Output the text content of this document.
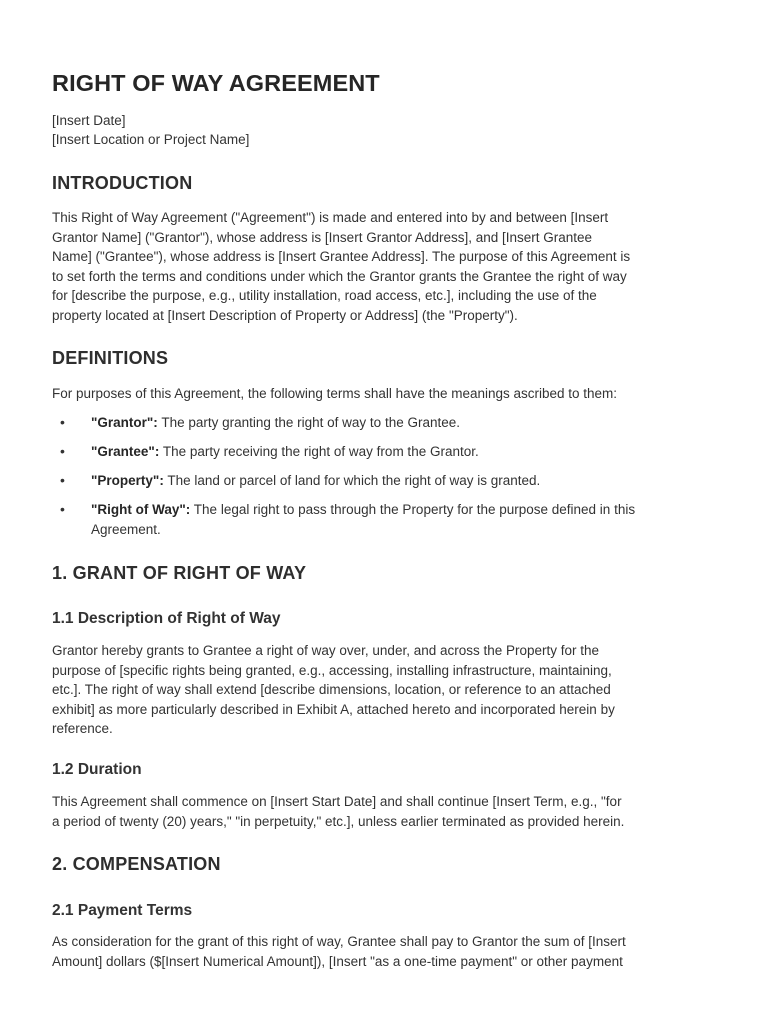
RIGHT OF WAY AGREEMENT
[Insert Date]
[Insert Location or Project Name]
INTRODUCTION
This Right of Way Agreement ("Agreement") is made and entered into by and between [Insert
Grantor Name] ("Grantor"), whose address is [Insert Grantor Address], and [Insert Grantee
Name] ("Grantee"), whose address is [Insert Grantee Address]. The purpose of this Agreement is
to set forth the terms and conditions under which the Grantor grants the Grantee the right of way
for [describe the purpose, e.g., utility installation, road access, etc.], including the use of the
property located at [Insert Description of Property or Address] (the "Property").
DEFINITIONS
For purposes of this Agreement, the following terms shall have the meanings ascribed to them:
• "Grantor": The party granting the right of way to the Grantee.
• "Grantee": The party receiving the right of way from the Grantor.
• "Property": The land or parcel of land for which the right of way is granted.
• "Right of Way": The legal right to pass through the Property for the purpose defined in this
Agreement.
1. GRANT OF RIGHT OF WAY
1.1 Description of Right of Way
Grantor hereby grants to Grantee a right of way over, under, and across the Property for the
purpose of [specific rights being granted, e.g., accessing, installing infrastructure, maintaining,
etc.]. The right of way shall extend [describe dimensions, location, or reference to an attached
exhibit] as more particularly described in Exhibit A, attached hereto and incorporated herein by
reference.
1.2 Duration
This Agreement shall commence on [Insert Start Date] and shall continue [Insert Term, e.g., "for
a period of twenty (20) years," "in perpetuity," etc.], unless earlier terminated as provided herein.
2. COMPENSATION
2.1 Payment Terms
As consideration for the grant of this right of way, Grantee shall pay to Grantor the sum of [Insert
Amount] dollars ($[Insert Numerical Amount]), [Insert "as a one-time payment" or other payment
